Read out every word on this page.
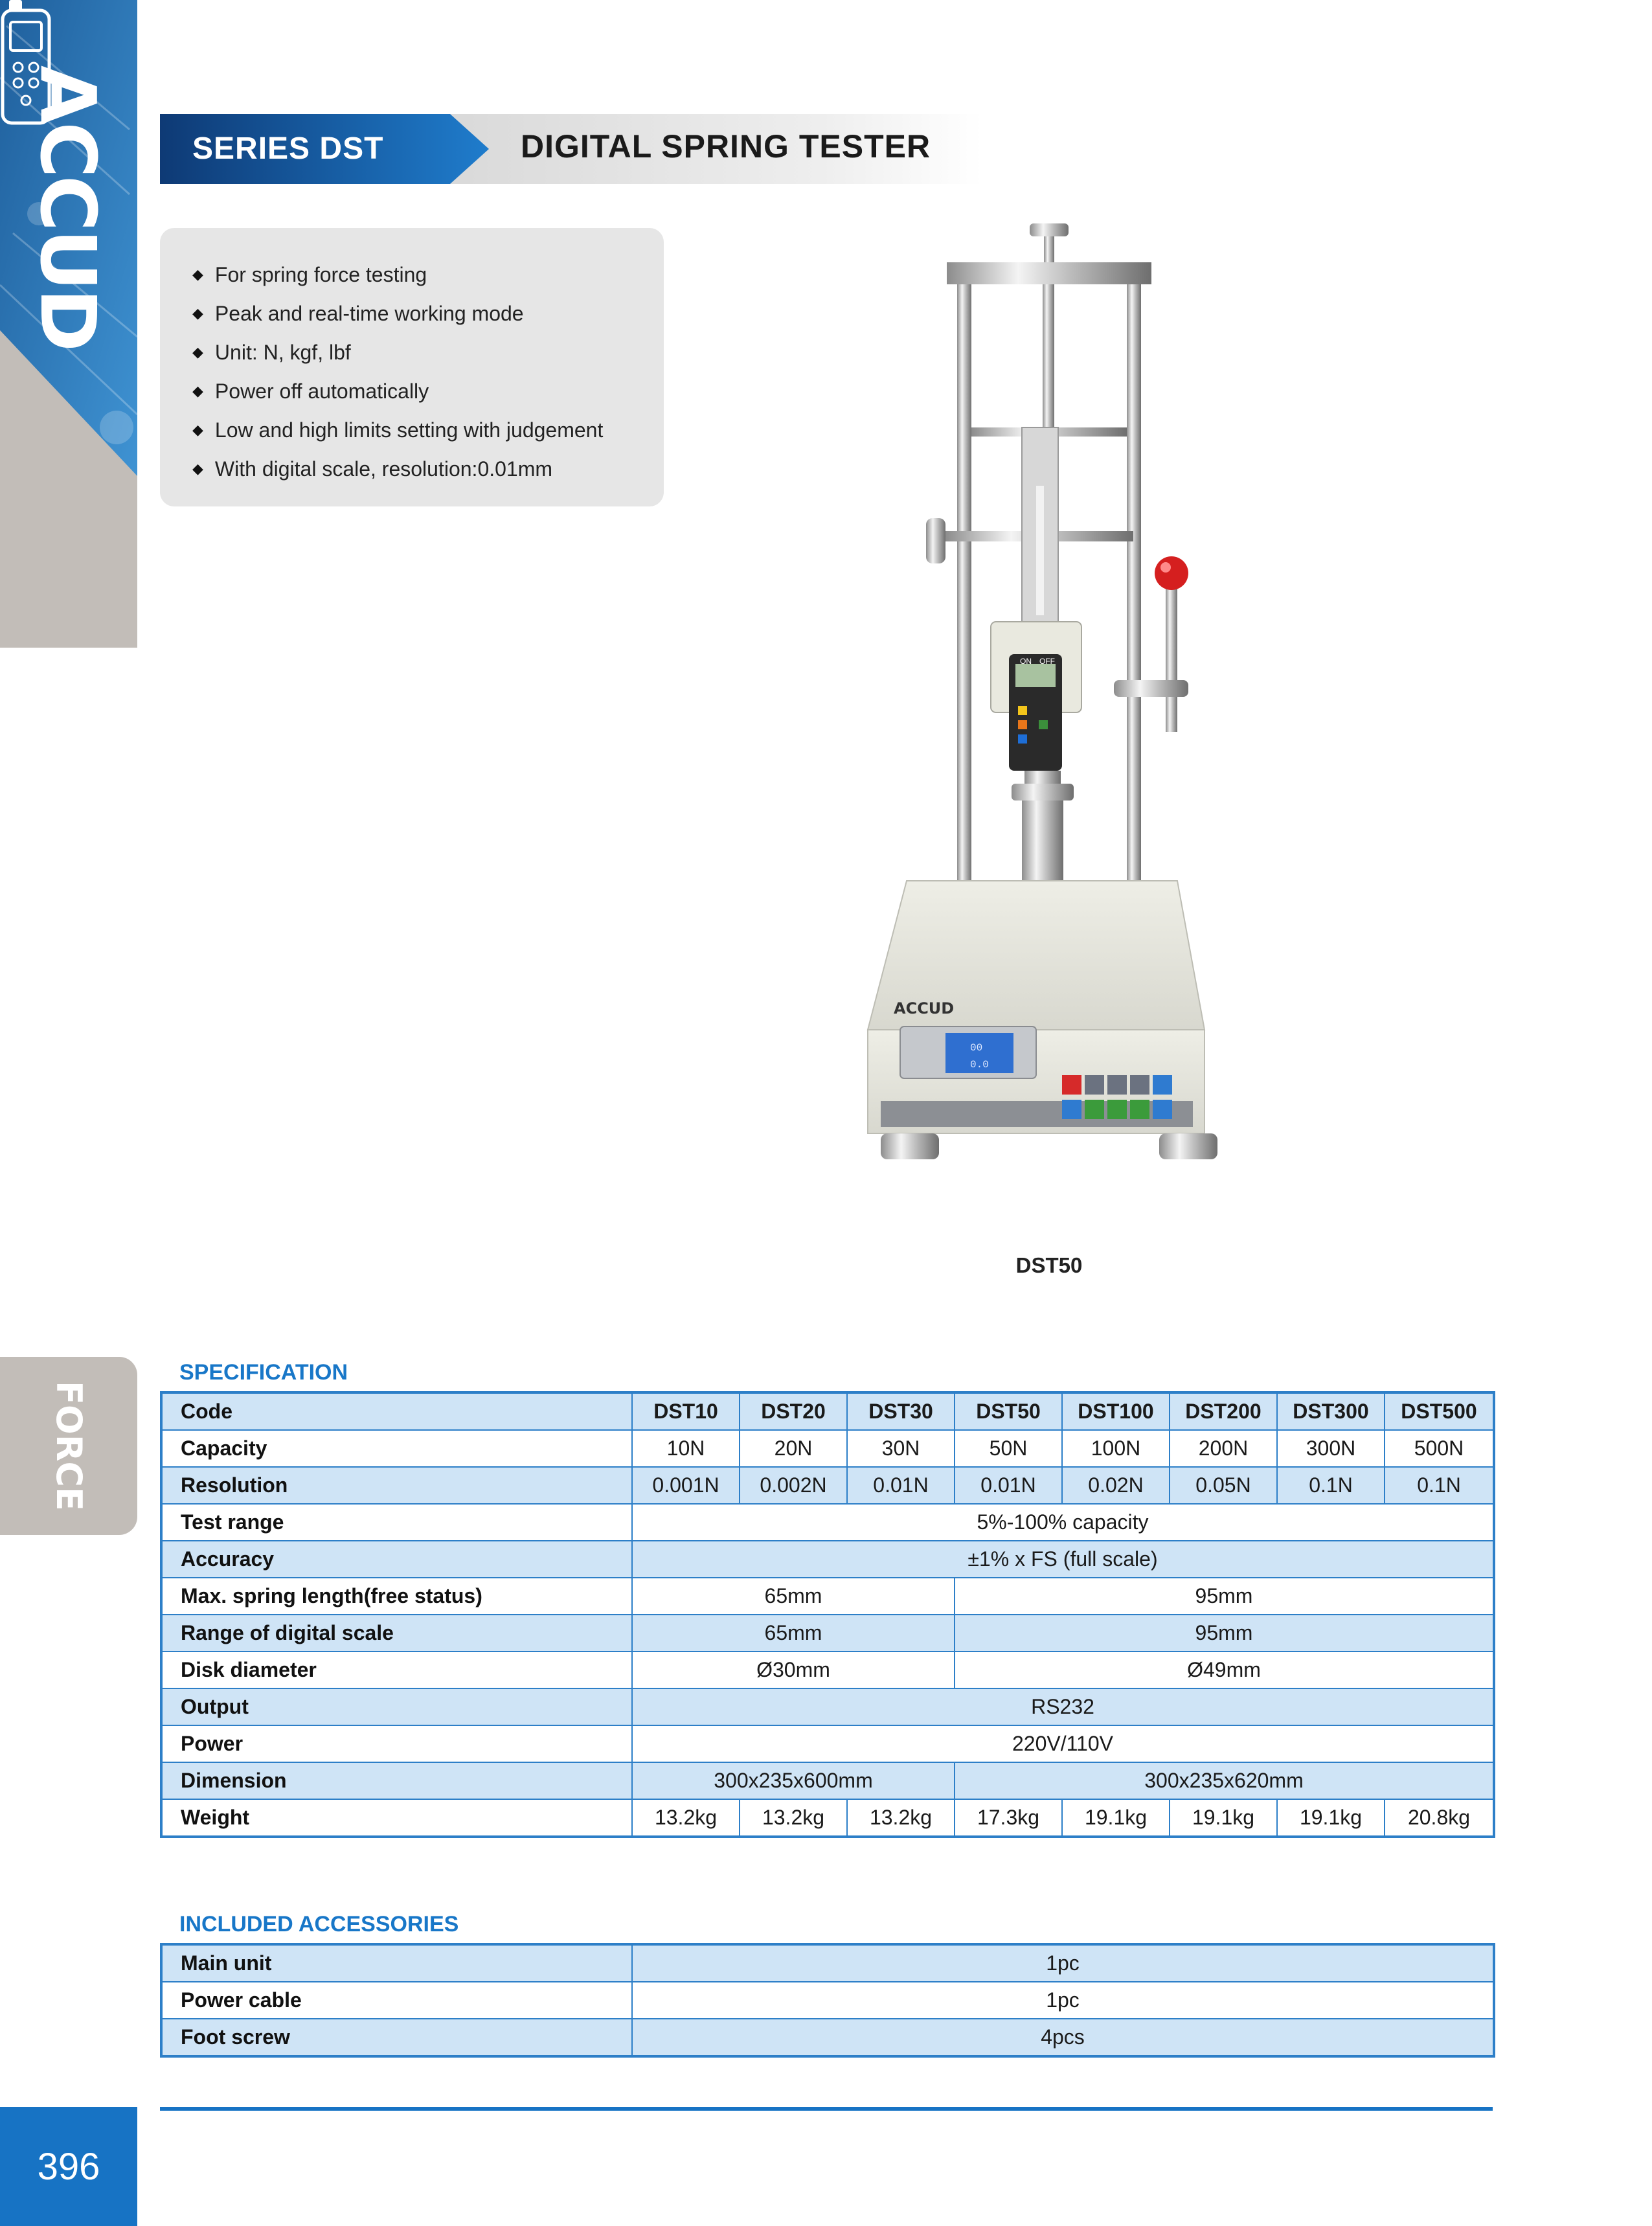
ACCUD
FORCE
396
SERIES DST	DIGITAL SPRING TESTER
◆ For spring force testing
◆ Peak and real-time working mode
◆ Unit: N, kgf, lbf
◆ Power off automatically
◆ Low and high limits setting with judgement
◆ With digital scale, resolution:0.01mm
ON OFF
ACCUD
00
0.0
DST50
SPECIFICATION
Code	DST10	DST20	DST30	DST50	DST100	DST200	DST300	DST500
Capacity	10N	20N	30N	50N	100N	200N	300N	500N
Resolution	0.001N	0.002N	0.01N	0.01N	0.02N	0.05N	0.1N	0.1N
Test range	5%-100% capacity							
Accuracy	±1% x FS (full scale)							
Max. spring length(free status)	65mm			95mm				
Range of digital scale	65mm			95mm				
Disk diameter	Ø30mm			Ø49mm				
Output	RS232							
Power	220V/110V							
Dimension	300x235x600mm			300x235x620mm				
Weight	13.2kg	13.2kg	13.2kg	17.3kg	19.1kg	19.1kg	19.1kg	20.8kg
INCLUDED ACCESSORIES
Main unit	1pc
Power cable	1pc
Foot screw	4pcs
